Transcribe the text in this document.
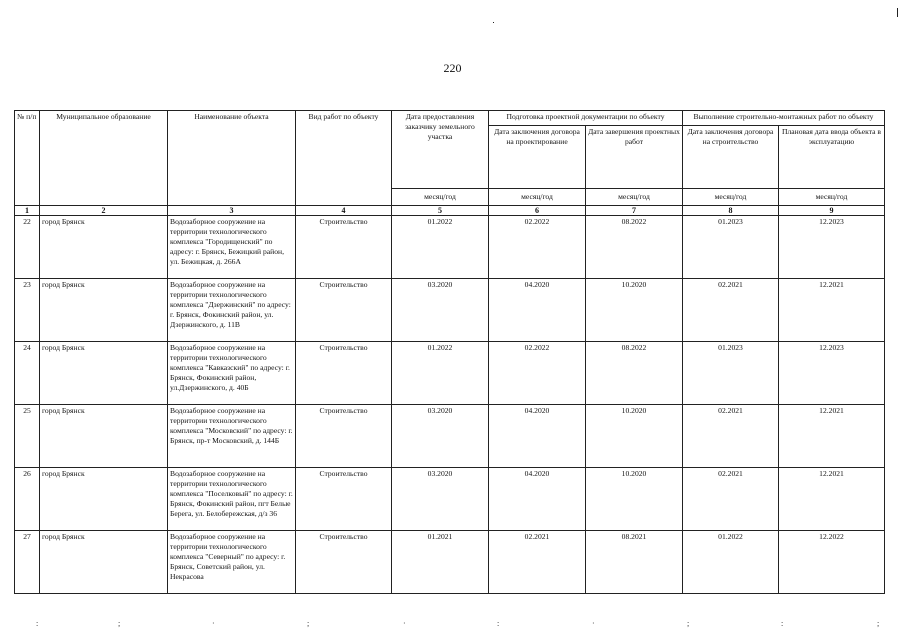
220
№ п/п	Муниципальное образование	Наименование объекта	Вид работ по объекту	Дата предоставления заказчику земельного участка	Подготовка проектной документации по объекту		Выполнение строительно-монтажных работ по объекту	
					Дата заключения договора на проектирование	Дата завершения проектных работ	Дата заключения договора на строительство	Плановая дата ввода объекта в эксплуатацию
				месяц/год	месяц/год	месяц/год	месяц/год	месяц/год
1	2	3	4	5	6	7	8	9
22	город Брянск	Водозаборное сооружение на территории технологического комплекса "Городищенский" по адресу: г. Брянск, Бежицкий район, ул. Бежицкая, д. 266А	Строительство	01.2022	02.2022	08.2022	01.2023	12.2023
23	город Брянск	Водозаборное сооружение на территории технологического комплекса "Дзержинский" по адресу: г. Брянск, Фокинский район, ул. Дзержинского, д. 11В	Строительство	03.2020	04.2020	10.2020	02.2021	12.2021
24	город Брянск	Водозаборное сооружение на территории технологического комплекса "Кавказский" по адресу: г. Брянск, Фокинский район, ул.Дзержинского, д. 40Б	Строительство	01.2022	02.2022	08.2022	01.2023	12.2023
25	город Брянск	Водозаборное сооружение на территории технологического комплекса "Московский" по адресу: г. Брянск, пр-т Московский, д. 144Б	Строительство	03.2020	04.2020	10.2020	02.2021	12.2021
26	город Брянск	Водозаборное сооружение на территории технологического комплекса "Поселковый" по адресу: г. Брянск, Фокинский район, пгт Белые Берега, ул. Белобережская, д/з 36	Строительство	03.2020	04.2020	10.2020	02.2021	12.2021
27	город Брянск	Водозаборное сооружение на территории технологического комплекса "Северный" по адресу: г. Брянск, Советский район, ул. Некрасова	Строительство	01.2021	02.2021	08.2021	01.2022	12.2022
:	;	·	;	·	:	·	;	:	;
